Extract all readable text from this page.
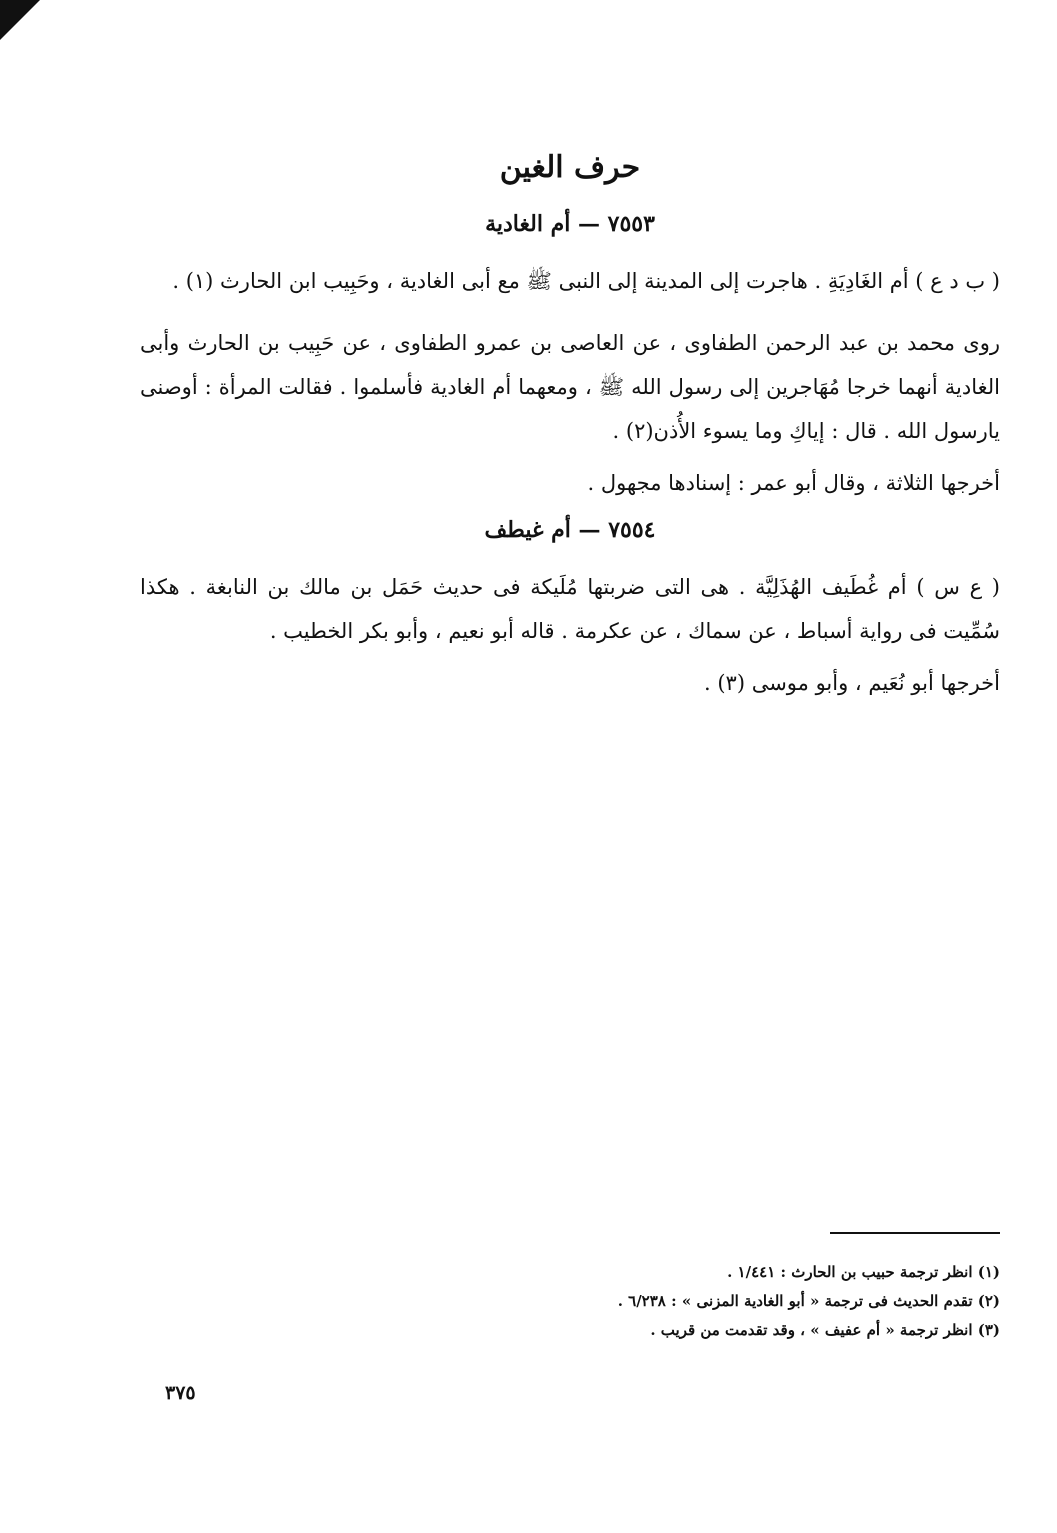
حرف الغين
٧٥٥٣ — أم الغادية

( ب د ع ) أم الغَادِيَةِ . هاجرت إلى المدينة إلى النبى ﷺ مع أبى الغادية ، وحَبِيب ابن الحارث (١) .

روى محمد بن عبد الرحمن الطفاوى ، عن العاصى بن عمرو الطفاوى ، عن حَبِيب بن الحارث وأبى الغادية أنهما خرجا مُهَاجرين إلى رسول الله ﷺ ، ومعهما أم الغادية فأسلموا . فقالت المرأة : أوصنى يارسول الله . قال : إياكِ وما يسوء الأُذن(٢) .

أخرجها الثلاثة ، وقال أبو عمر : إسنادها مجهول .

٧٥٥٤ — أم غيطف

( ع س ) أم غُطَيف الهُذَلِيَّة . هى التى ضربتها مُلَيكة فى حديث حَمَل بن مالك بن النابغة . هكذا سُمِّيت فى رواية أسباط ، عن سماك ، عن عكرمة . قاله أبو نعيم ، وأبو بكر الخطيب .

أخرجها أبو نُعَيم ، وأبو موسى (٣) .

(١) انظر ترجمة حبيب بن الحارث : ١/٤٤١ .

(٢) تقدم الحديث فى ترجمة « أبو الغادية المزنى » : ٦/٢٣٨ .

(٣) انظر ترجمة « أم عفيف » ، وقد تقدمت من قريب .

٣٧٥
